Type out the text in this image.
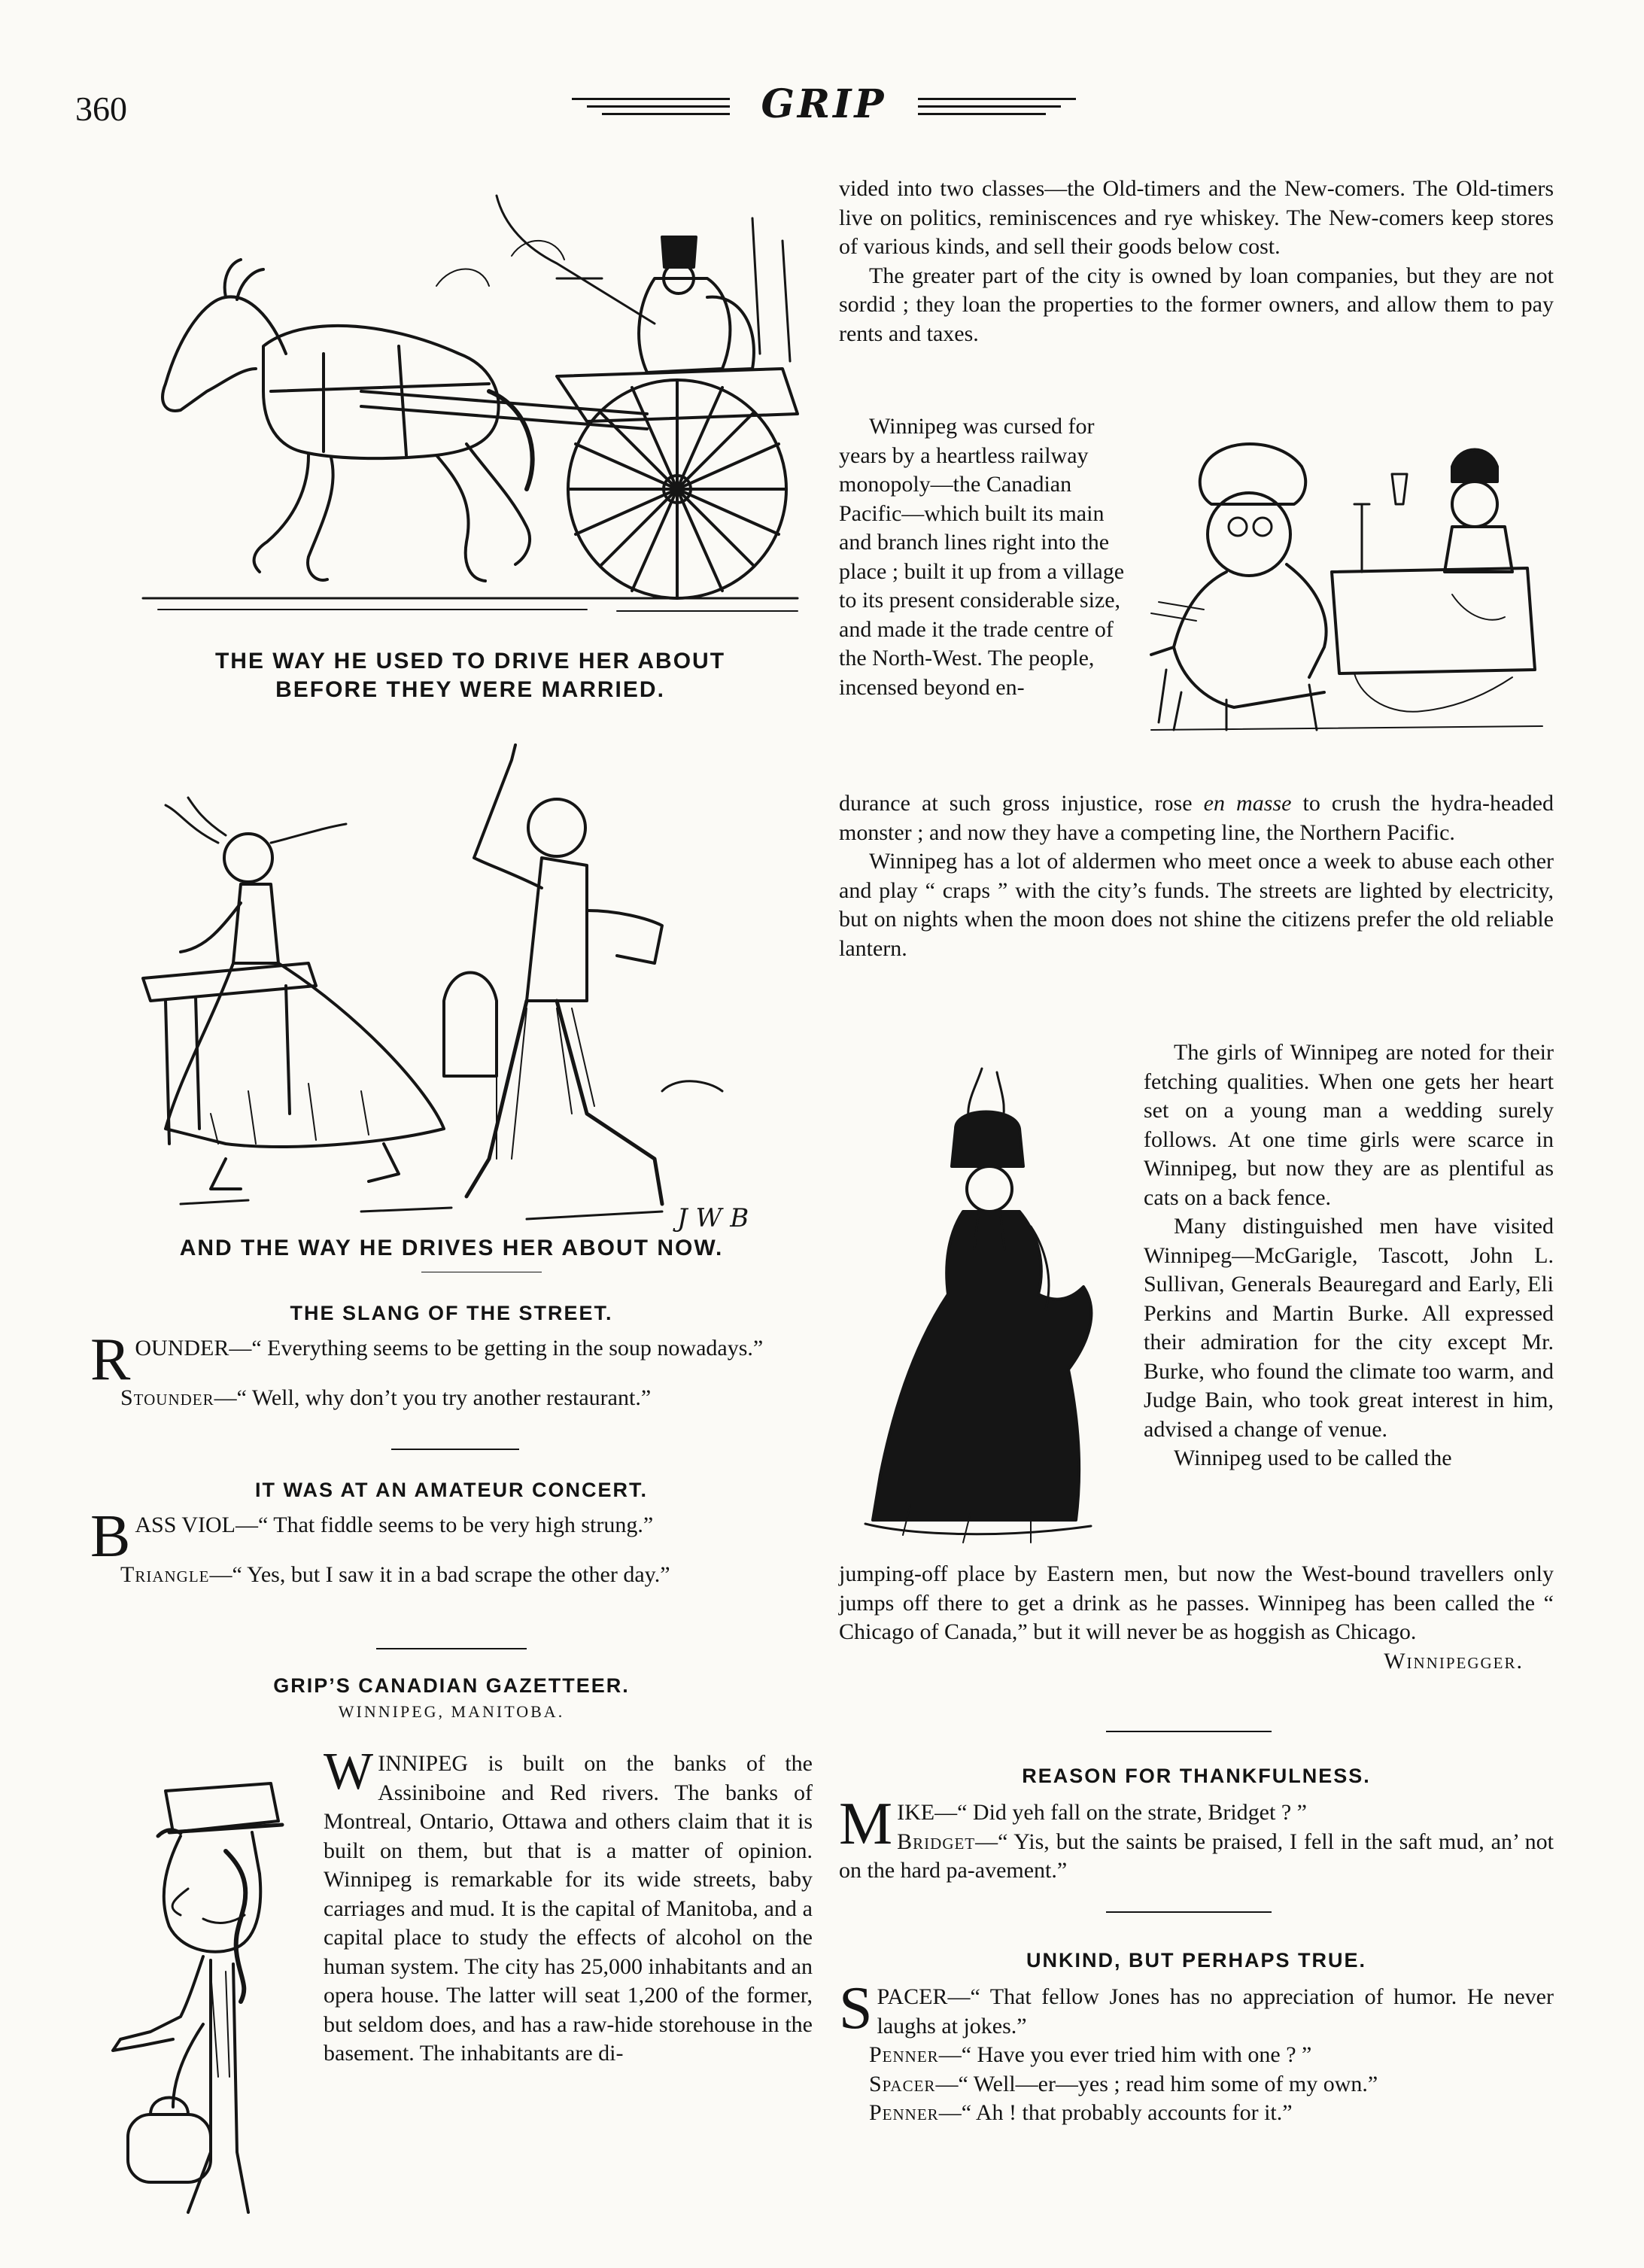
360	GRIP
THE WAY HE USED TO DRIVE HER ABOUT
BEFORE THEY WERE MARRIED.
J W B
AND THE WAY HE DRIVES HER ABOUT NOW.
THE SLANG OF THE STREET.

ROUNDER—“ Everything seems to be getting in the soup nowadays.”

Stounder—“ Well, why don’t you try another restaurant.”

IT WAS AT AN AMATEUR CONCERT.

BASS VIOL—“ That fiddle seems to be very high strung.”

Triangle—“ Yes, but I saw it in a bad scrape the other day.”

GRIP’S CANADIAN GAZETTEER.
WINNIPEG, MANITOBA.

WINNIPEG is built on the banks of the Assiniboine and Red rivers. The banks of Montreal, Ontario, Ottawa and others claim that it is built on them, but that is a matter of opinion. Winnipeg is remarkable for its wide streets, baby carriages and mud. It is the capital of Manitoba, and a capital place to study the effects of alcohol on the human system. The city has 25,000 inhabitants and an opera house. The latter will seat 1,200 of the former, but seldom does, and has a raw-hide storehouse in the basement. The inhabitants are di-

vided into two classes—the Old-timers and the New-comers. The Old-timers live on politics, reminiscences and rye whiskey. The New-comers keep stores of various kinds, and sell their goods below cost.

The greater part of the city is owned by loan companies, but they are not sordid ; they loan the properties to the former owners, and allow them to pay rents and taxes.

Winnipeg was cursed for years by a heartless railway monopoly—the Canadian Pacific—which built its main and branch lines right into the place ; built it up from a village to its present considerable size, and made it the trade centre of the North-West. The people, incensed beyond en-

durance at such gross injustice, rose en masse to crush the hydra-headed monster ; and now they have a competing line, the Northern Pacific.

Winnipeg has a lot of aldermen who meet once a week to abuse each other and play “ craps ” with the city’s funds. The streets are lighted by electricity, but on nights when the moon does not shine the citizens prefer the old reliable lantern.

The girls of Winnipeg are noted for their fetching qualities. When one gets her heart set on a young man a wedding surely follows. At one time girls were scarce in Winnipeg, but now they are as plentiful as cats on a back fence.

Many distinguished men have visited Winnipeg—McGarigle, Tascott, John L. Sullivan, Generals Beauregard and Early, Eli Perkins and Martin Burke. All expressed their admiration for the city except Mr. Burke, who found the climate too warm, and Judge Bain, who took great interest in him, advised a change of venue.

Winnipeg used to be called the

jumping-off place by Eastern men, but now the West-bound travellers only jumps off there to get a drink as he passes. Winnipeg has been called the “ Chicago of Canada,” but it will never be as hoggish as Chicago.

Winnipegger.
REASON FOR THANKFULNESS.

MIKE—“ Did yeh fall on the strate, Bridget ? ”
Bridget—“ Yis, but the saints be praised, I fell in the saft mud, an’ not on the hard pa-avement.”

UNKIND, BUT PERHAPS TRUE.

SPACER—“ That fellow Jones has no appreciation of humor. He never laughs at jokes.”

Penner—“ Have you ever tried him with one ? ”

Spacer—“ Well—er—yes ; read him some of my own.”

Penner—“ Ah ! that probably accounts for it.”
